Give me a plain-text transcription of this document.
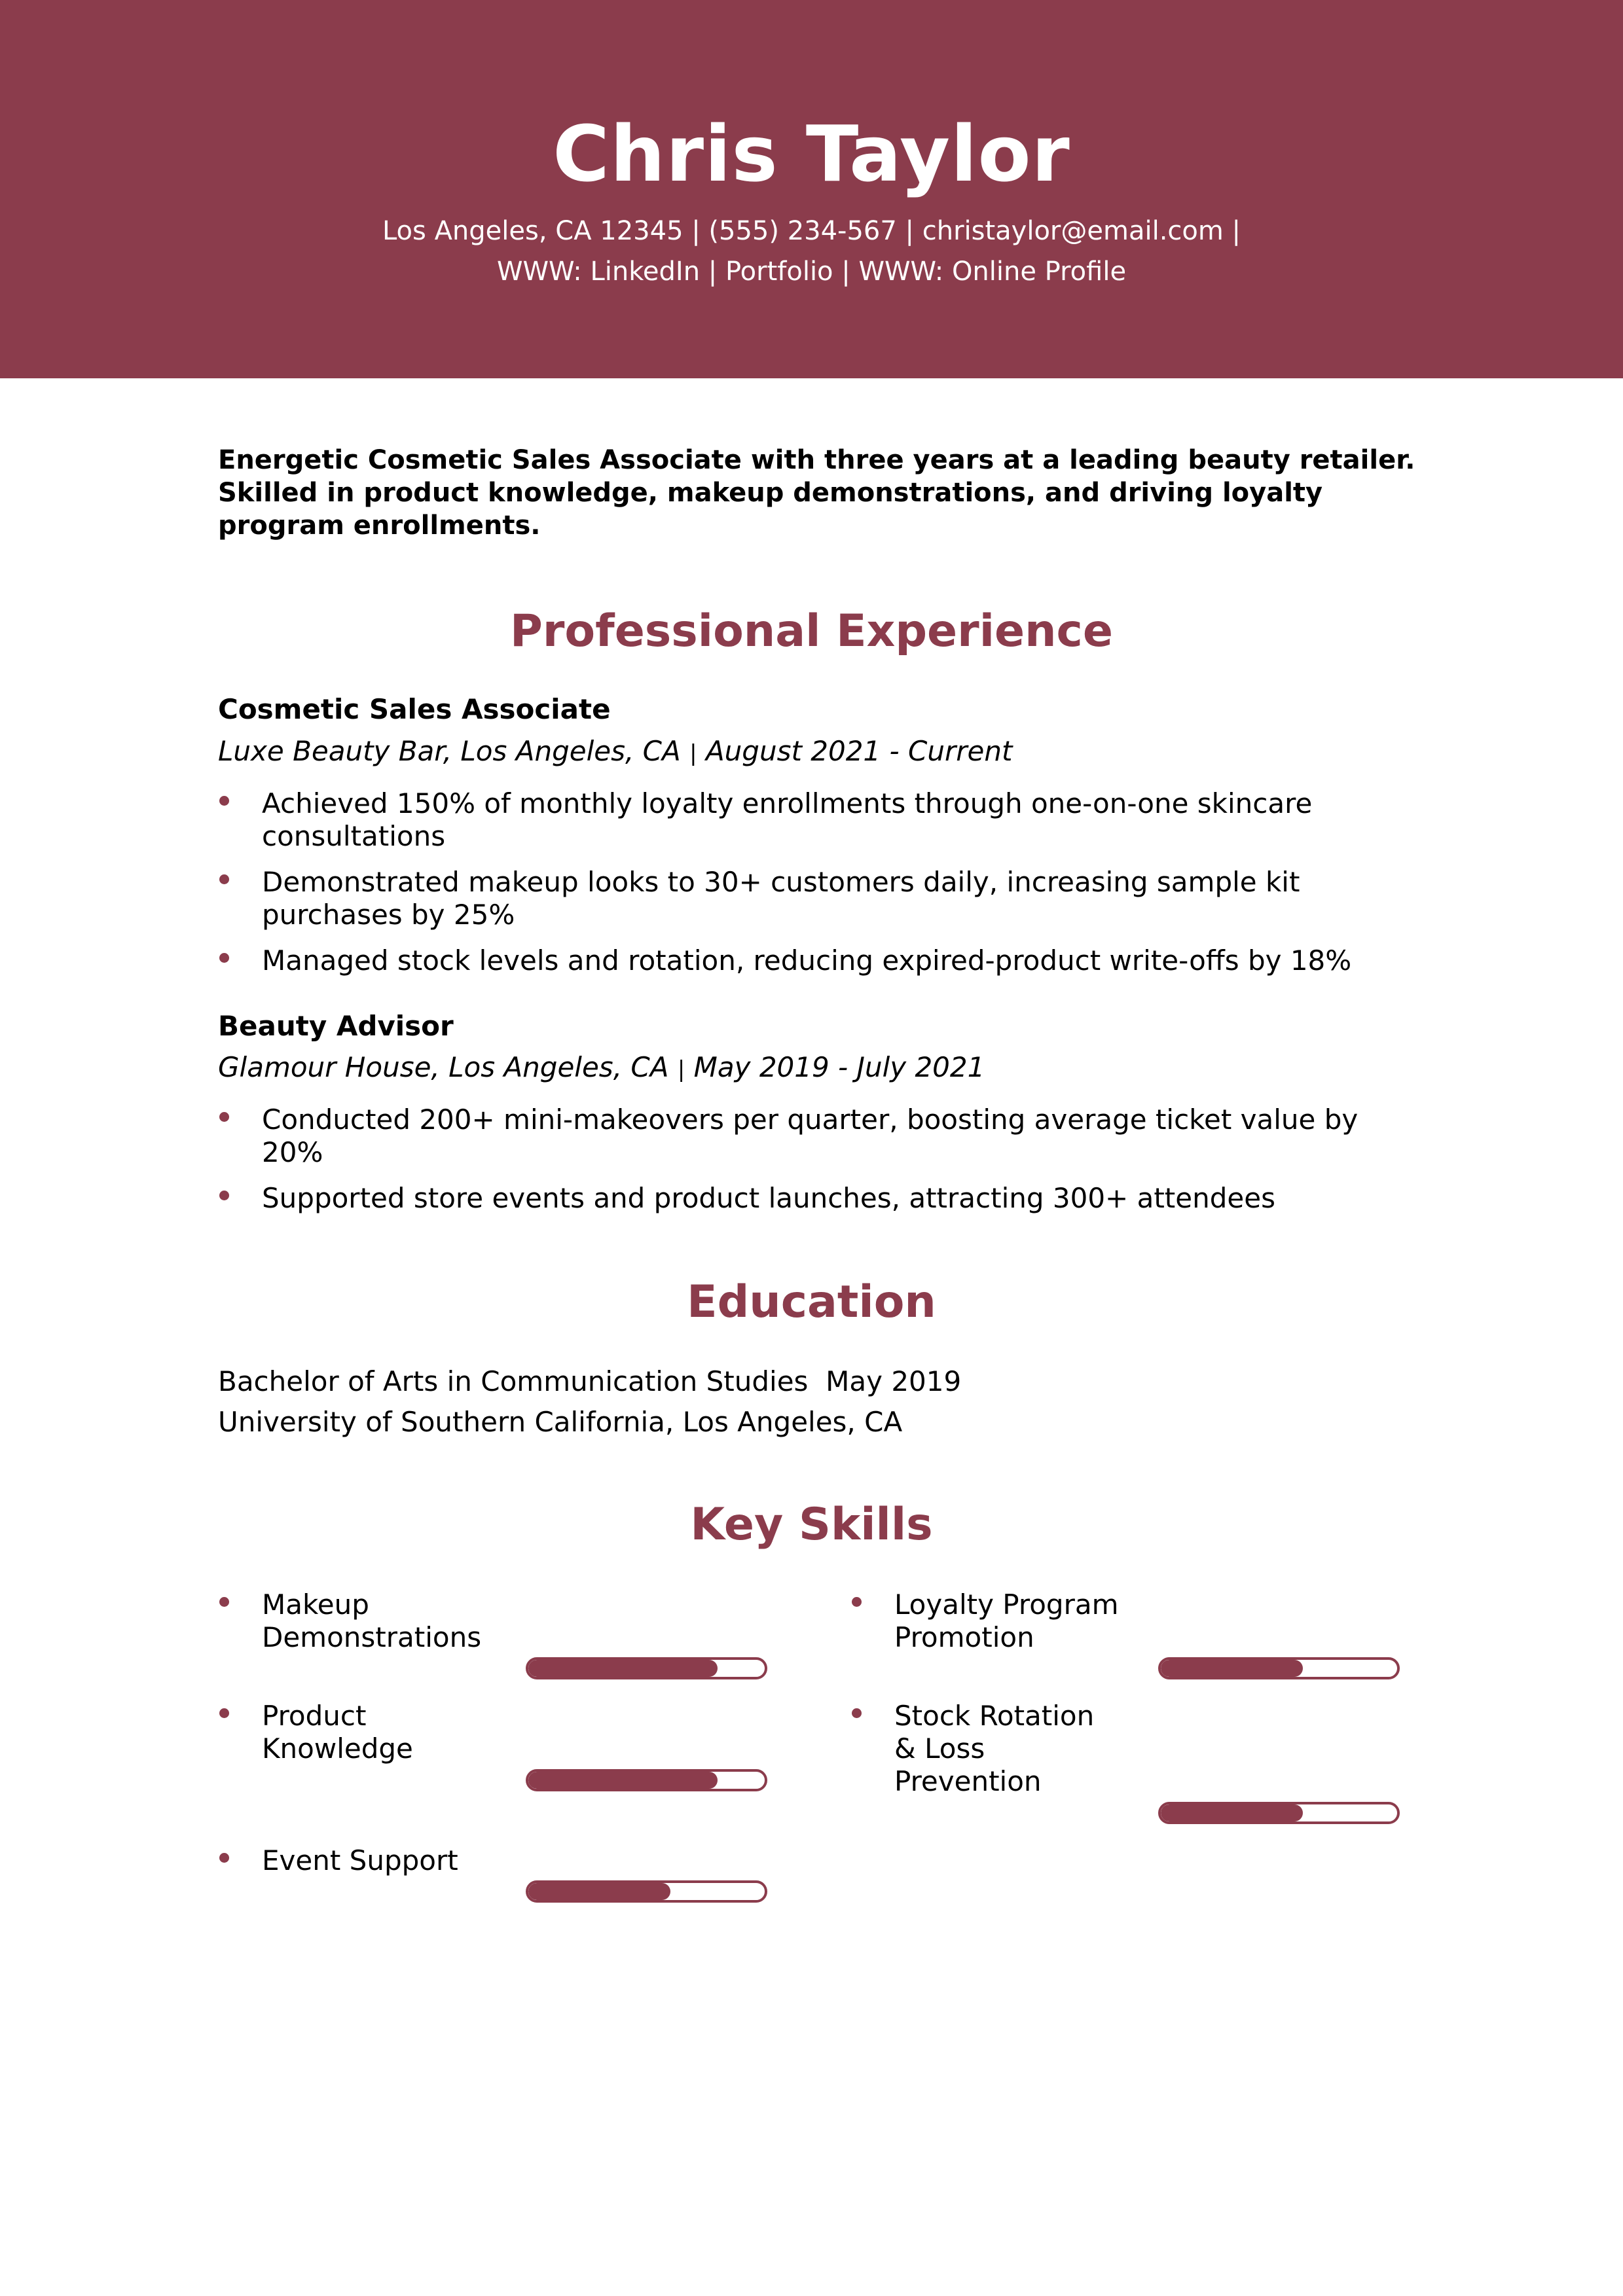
Chris Taylor
Los Angeles, CA 12345 | (555) 234-567 | christaylor@email.com |
WWW: LinkedIn | Portfolio | WWW: Online Profile
Energetic Cosmetic Sales Associate with three years at a leading beauty retailer. Skilled in product knowledge, makeup demonstrations, and driving loyalty program enrollments.
Professional Experience
Cosmetic Sales Associate
Luxe Beauty Bar, Los Angeles, CA | August 2021 - Current
Achieved 150% of monthly loyalty enrollments through one-on-one skincare consultations
Demonstrated makeup looks to 30+ customers daily, increasing sample kit purchases by 25%
Managed stock levels and rotation, reducing expired-product write-offs by 18%
Beauty Advisor
Glamour House, Los Angeles, CA | May 2019 - July 2021
Conducted 200+ mini-makeovers per quarter, boosting average ticket value by 20%
Supported store events and product launches, attracting 300+ attendees
Education
Bachelor of Arts in Communication Studies May 2019
University of Southern California, Los Angeles, CA
Key Skills
Makeup Demonstrations
Product Knowledge
Event Support
Loyalty Program Promotion
Stock Rotation & Loss Prevention
